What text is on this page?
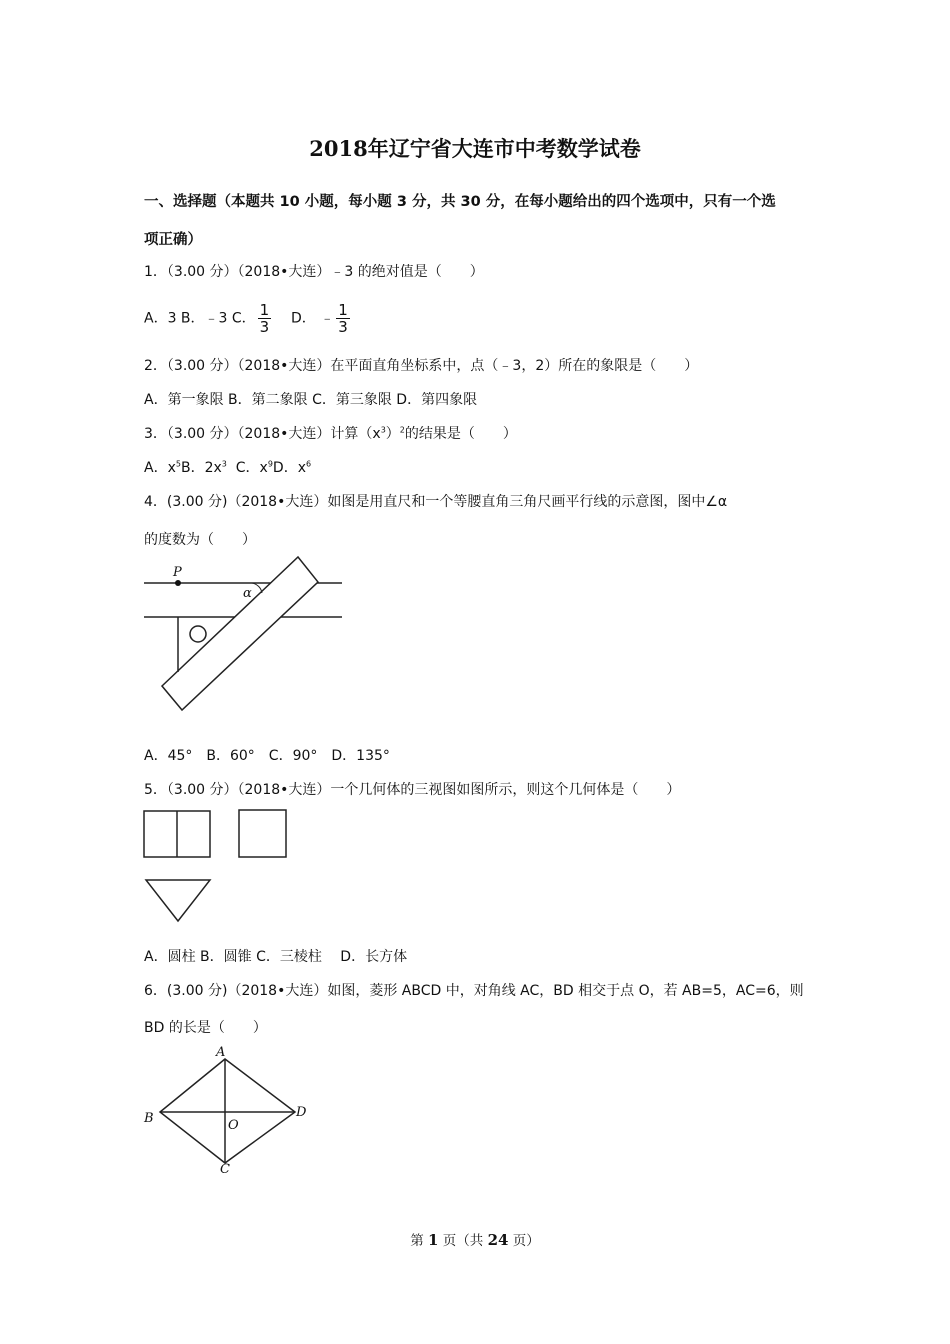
2018年辽宁省大连市中考数学试卷
一、选择题（本题共 10 小题，每小题 3 分，共 30 分，在每小题给出的四个选项中，只有一个选
项正确）
1．（3.00 分）（2018•大连）﹣3 的绝对值是（　　）
A．3 B．﹣3 C． $\frac{1}{3}$ D． ﹣ $\frac{1}{3}$
2．（3.00 分）（2018•大连）在平面直角坐标系中，点（﹣3，2）所在的象限是（　　）
A．第一象限 B．第二象限 C．第三象限 D．第四象限
3．（3.00 分）（2018•大连）计算$(x^3)^2$的结果是（　　）
A．$x^5B$．$2x^3$ C．$x^9D$．$x^6$
4．(3.00 分)（2018•大连）如图是用直尺和一个等腰直角三角尺画平行线的示意图，图中∠α
的度数为（　　）
P
α
A．45°　B．60°　C．90°　D．135°
5．（3.00 分）（2018•大连）一个几何体的三视图如图所示，则这个几何体是（　　）
A．圆柱 B．圆锥 C．三棱柱　 D．长方体
6．(3.00 分)（2018•大连）如图，菱形 ABCD 中，对角线 AC，BD 相交于点 O，若 AB=5，AC=6，则
BD 的长是（　　）
A
B
C
D
O
第 1 页（共 24 页）
